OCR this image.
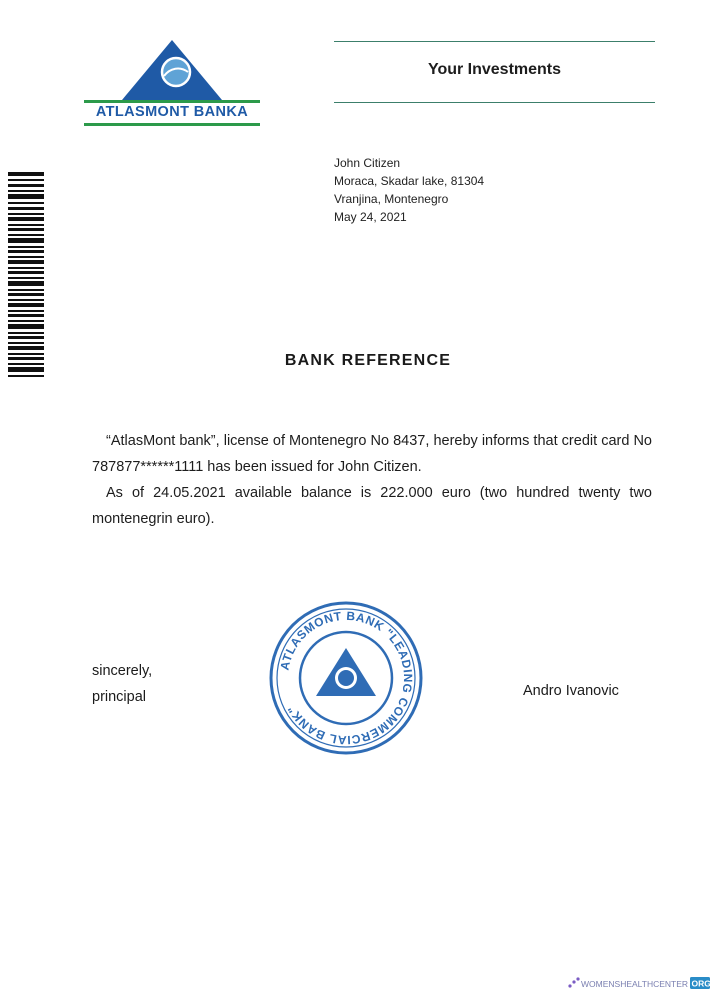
ATLASMONT BANKA
Your Investments
John Citizen
Moraca, Skadar lake, 81304
Vranjina, Montenegro
May 24, 2021
BANK REFERENCE

“AtlasMont bank”, license of Montenegro No 8437, hereby informs that credit card No 787877******1111 has been issued for John Citizen.

As of 24.05.2021 available balance is 222.000 euro (two hundred twenty two montenegrin euro).

sincerely,
principal	Andro Ivanovic
ATLASMONT BANK "LEADING COMMERCIAL BANK"
WOMENSHEALTHCENTER ORG
